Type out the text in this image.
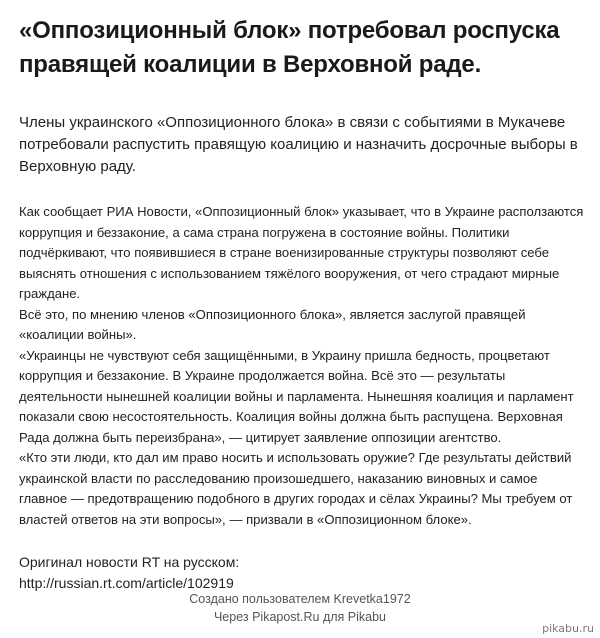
«Оппозиционный блок» потребовал роспуска правящей коалиции в Верховной раде.
Члены украинского «Оппозиционного блока» в связи с событиями в Мукачеве потребовали распустить правящую коалицию и назначить досрочные выборы в Верховную раду.

Как сообщает РИА Новости, «Оппозиционный блок» указывает, что в Украине расползаются коррупция и беззаконие, а сама страна погружена в состояние войны. Политики подчёркивают, что появившиеся в стране военизированные структуры позволяют себе выяснять отношения с использованием тяжёлого вооружения, от чего страдают мирные граждане.

Всё это, по мнению членов «Оппозиционного блока», является заслугой правящей «коалиции войны».

«Украинцы не чувствуют себя защищёнными, в Украину пришла бедность, процветают коррупция и беззаконие. В Украине продолжается война. Всё это — результаты деятельности нынешней коалиции войны и парламента. Нынешняя коалиция и парламент показали свою несостоятельность. Коалиция войны должна быть распущена. Верховная Рада должна быть переизбрана», — цитирует заявление оппозиции агентство.

«Кто эти люди, кто дал им право носить и использовать оружие? Где результаты действий украинской власти по расследованию произошедшего, наказанию виновных и самое главное — предотвращению подобного в других городах и сёлах Украины? Мы требуем от властей ответов на эти вопросы», — призвали в «Оппозиционном блоке».

Оригинал новости RT на русском:

http://russian.rt.com/article/102919

Создано пользователем Krevetka1972

Через Pikapost.Ru для Pikabu

pikabu.ru
